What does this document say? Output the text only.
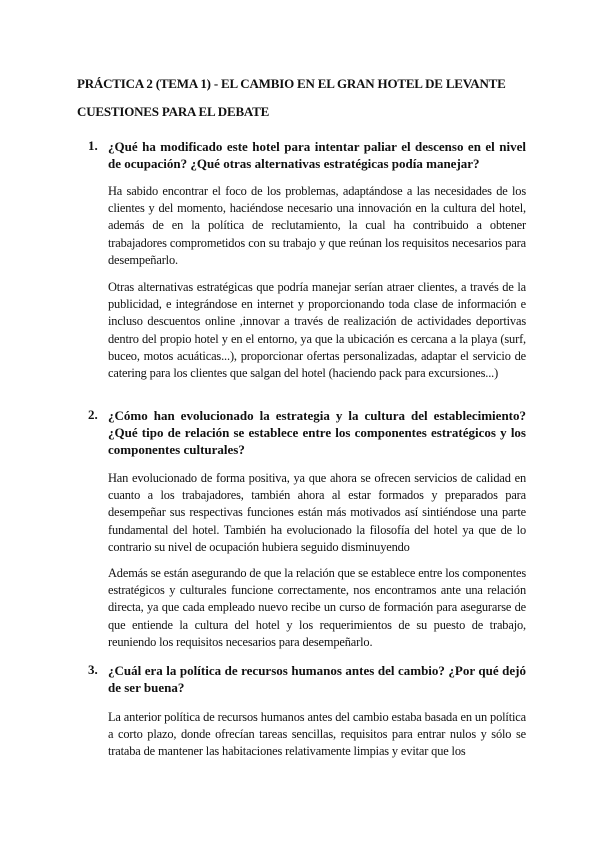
PRÁCTICA 2 (TEMA 1) - EL CAMBIO EN EL GRAN HOTEL DE LEVANTE
CUESTIONES PARA EL DEBATE
1. ¿Qué ha modificado este hotel para intentar paliar el descenso en el nivel de ocupación? ¿Qué otras alternativas estratégicas podía manejar?
Ha sabido encontrar el foco de los problemas, adaptándose a las necesidades de los clientes y del momento, haciéndose necesario una innovación en la cultura del hotel, además de en la política de reclutamiento, la cual ha contribuido a obtener trabajadores comprometidos con su trabajo y que reúnan los requisitos necesarios para desempeñarlo.
Otras alternativas estratégicas que podría manejar serían atraer clientes, a través de la publicidad, e integrándose en internet y proporcionando toda clase de información e incluso descuentos online ,innovar a través de realización de actividades deportivas dentro del propio hotel y en el entorno, ya que la ubicación es cercana a la playa (surf, buceo, motos acuáticas...), proporcionar ofertas personalizadas, adaptar el servicio de catering para los clientes que salgan del hotel (haciendo pack para excursiones...)
2. ¿Cómo han evolucionado la estrategia y la cultura del establecimiento? ¿Qué tipo de relación se establece entre los componentes estratégicos y los componentes culturales?
Han evolucionado de forma positiva, ya que ahora se ofrecen servicios de calidad en cuanto a los trabajadores, también ahora al estar formados y preparados para desempeñar sus respectivas funciones están más motivados así sintiéndose una parte fundamental del hotel. También ha evolucionado la filosofía del hotel ya que de lo contrario su nivel de ocupación hubiera seguido disminuyendo
Además se están asegurando de que la relación que se establece entre los componentes estratégicos y culturales funcione correctamente, nos encontramos ante una relación directa, ya que cada empleado nuevo recibe un curso de formación para asegurarse de que entiende la cultura del hotel y los requerimientos de su puesto de trabajo, reuniendo los requisitos necesarios para desempeñarlo.
3. ¿Cuál era la política de recursos humanos antes del cambio? ¿Por qué dejó de ser buena?
La anterior política de recursos humanos antes del cambio estaba basada en un política a corto plazo, donde ofrecían tareas sencillas, requisitos para entrar nulos y sólo se trataba de mantener las habitaciones relativamente limpias y evitar que los
